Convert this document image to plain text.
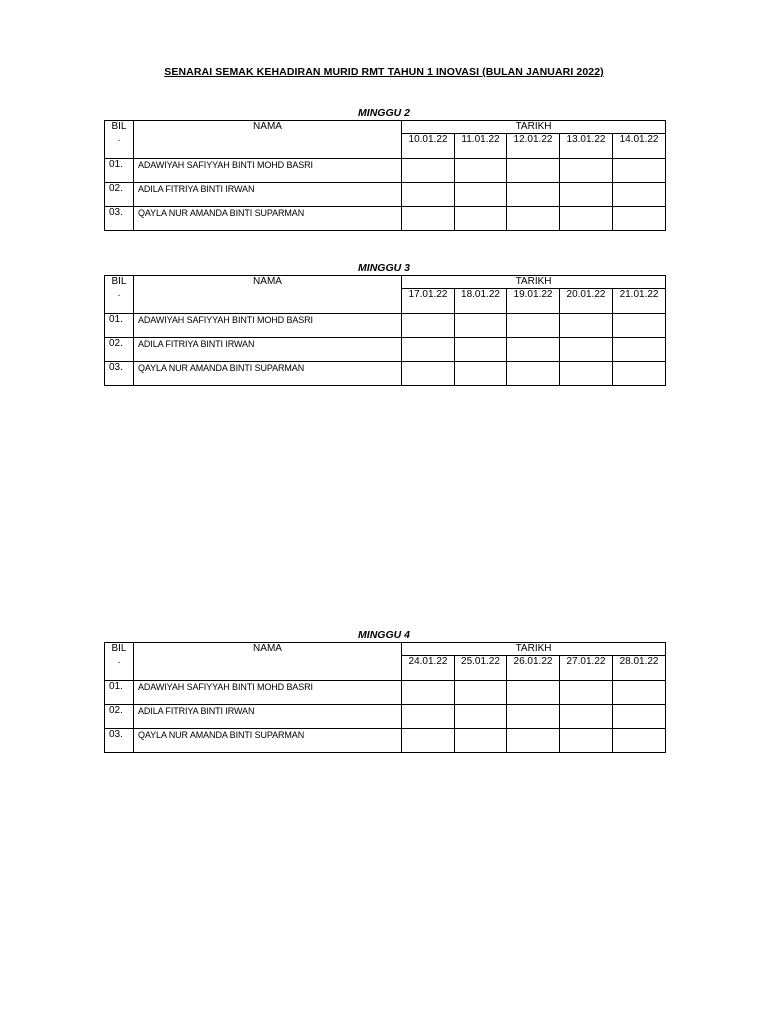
SENARAI SEMAK KEHADIRAN MURID RMT TAHUN 1 INOVASI (BULAN JANUARI 2022)
MINGGU 2
BIL
.	NAMA	TARIKH				
		10.01.22	11.01.22	12.01.22	13.01.22	14.01.22
01.	ADAWIYAH SAFIYYAH BINTI MOHD BASRI					
02.	ADILA FITRIYA BINTI IRWAN					
03.	QAYLA NUR AMANDA BINTI SUPARMAN					
MINGGU 3
BIL
.	NAMA	TARIKH				
		17.01.22	18.01.22	19.01.22	20.01.22	21.01.22
01.	ADAWIYAH SAFIYYAH BINTI MOHD BASRI					
02.	ADILA FITRIYA BINTI IRWAN					
03.	QAYLA NUR AMANDA BINTI SUPARMAN					
MINGGU 4
BIL
.	NAMA	TARIKH				
		24.01.22	25.01.22	26.01.22	27.01.22	28.01.22
01.	ADAWIYAH SAFIYYAH BINTI MOHD BASRI					
02.	ADILA FITRIYA BINTI IRWAN					
03.	QAYLA NUR AMANDA BINTI SUPARMAN					
